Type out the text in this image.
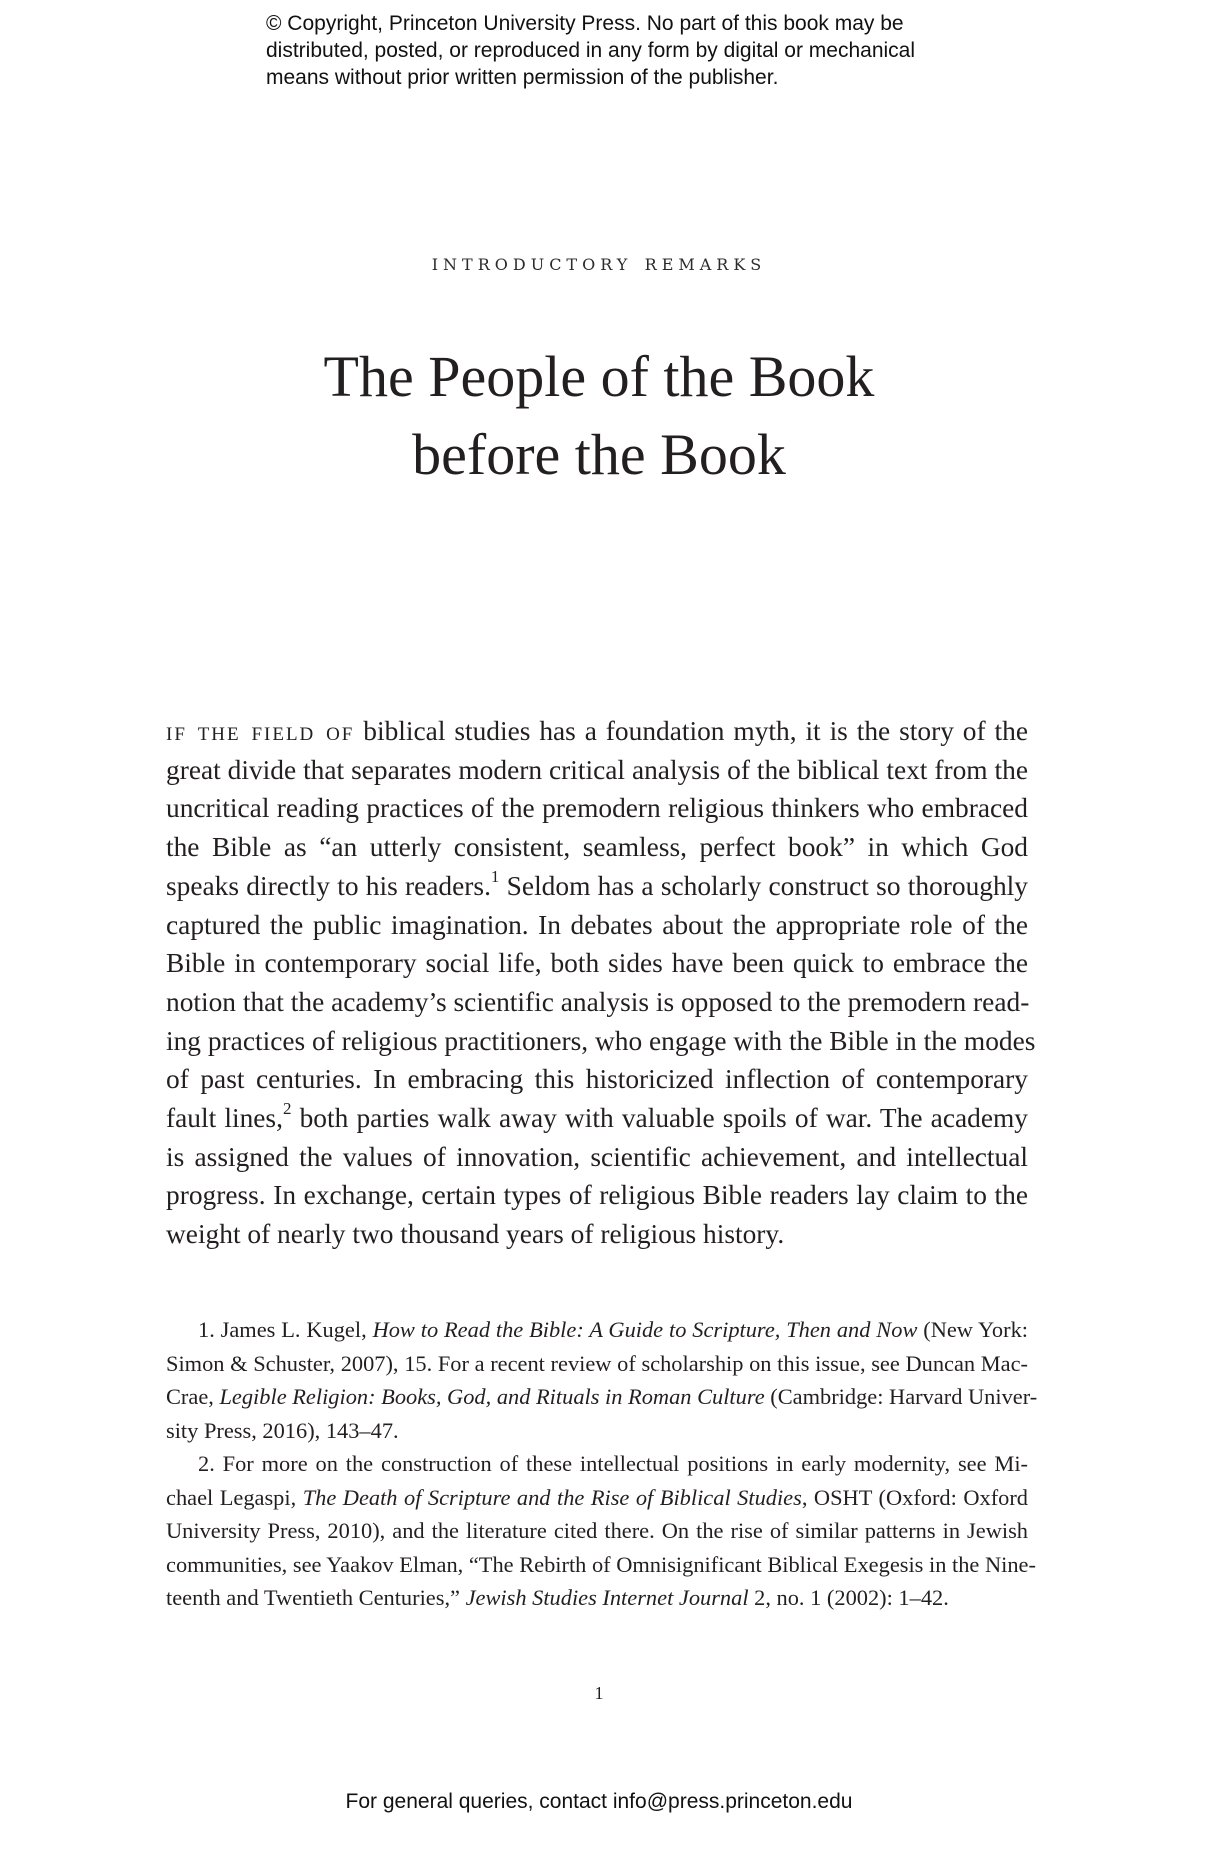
© Copyright, Princeton University Press. No part of this book may be

distributed, posted, or reproduced in any form by digital or mechanical

means without prior written permission of the publisher.

introductory remarks
The People of the Book
before the Book
if the field of biblical studies has a foundation myth, it is the story of the
great divide that separates modern critical analysis of the biblical text from the
uncritical reading practices of the premodern religious thinkers who embraced
the Bible as “an utterly consistent, seamless, perfect book” in which God
speaks directly to his readers.$^1$ Seldom has a scholarly construct so thoroughly
captured the public imagination. In debates about the appropriate role of the
Bible in contemporary social life, both sides have been quick to embrace the
notion that the academy’s scientific analysis is opposed to the premodern read-
ing practices of religious practitioners, who engage with the Bible in the modes
of past centuries. In embracing this historicized inflection of contemporary
fault lines,$^2$ both parties walk away with valuable spoils of war. The academy
is assigned the values of innovation, scientific achievement, and intellectual
progress. In exchange, certain types of religious Bible readers lay claim to the
weight of nearly two thousand years of religious history.
1. James L. Kugel, How to Read the Bible: A Guide to Scripture, Then and Now (New York:
Simon & Schuster, 2007), 15. For a recent review of scholarship on this issue, see Duncan Mac-
Crae, Legible Religion: Books, God, and Rituals in Roman Culture (Cambridge: Harvard Univer-
sity Press, 2016), 143–47.
2. For more on the construction of these intellectual positions in early modernity, see Mi-
chael Legaspi, The Death of Scripture and the Rise of Biblical Studies, OSHT (Oxford: Oxford
University Press, 2010), and the literature cited there. On the rise of similar patterns in Jewish
communities, see Yaakov Elman, “The Rebirth of Omnisignificant Biblical Exegesis in the Nine-
teenth and Twentieth Centuries,” Jewish Studies Internet Journal 2, no. 1 (2002): 1–42.
1
For general queries, contact info@press.princeton.edu
